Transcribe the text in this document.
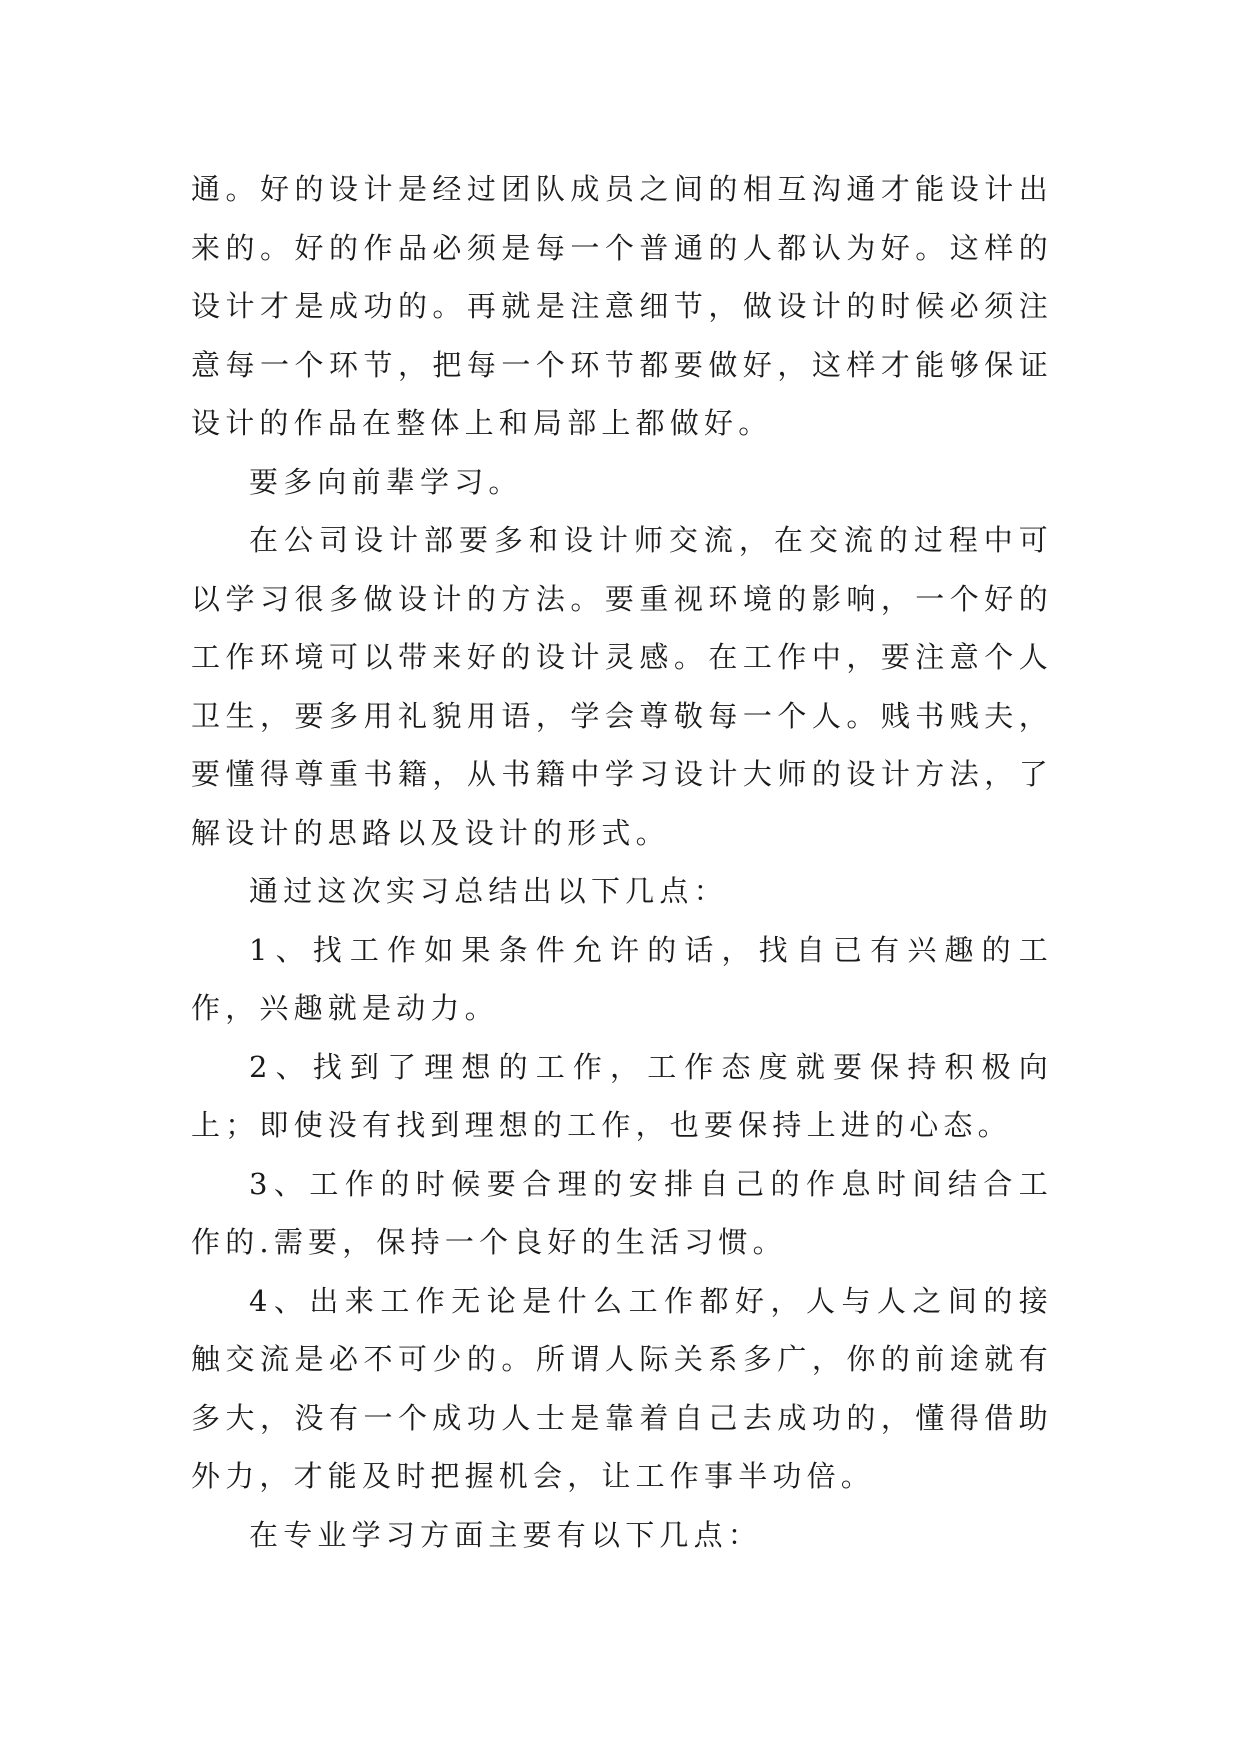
通。好的设计是经过团队成员之间的相互沟通才能设计出来的。好的作品必须是每一个普通的人都认为好。这样的设计才是成功的。再就是注意细节，做设计的时候必须注意每一个环节，把每一个环节都要做好，这样才能够保证设计的作品在整体上和局部上都做好。

要多向前辈学习。

在公司设计部要多和设计师交流，在交流的过程中可以学习很多做设计的方法。要重视环境的影响，一个好的工作环境可以带来好的设计灵感。在工作中，要注意个人卫生，要多用礼貌用语，学会尊敬每一个人。贱书贱夫，要懂得尊重书籍，从书籍中学习设计大师的设计方法，了解设计的思路以及设计的形式。

通过这次实习总结出以下几点：

1、找工作如果条件允许的话，找自已有兴趣的工作，兴趣就是动力。

2、找到了理想的工作，工作态度就要保持积极向上；即使没有找到理想的工作，也要保持上进的心态。

3、工作的时候要合理的安排自己的作息时间结合工作的.需要，保持一个良好的生活习惯。

4、出来工作无论是什么工作都好，人与人之间的接触交流是必不可少的。所谓人际关系多广，你的前途就有多大，没有一个成功人士是靠着自己去成功的，懂得借助外力，才能及时把握机会，让工作事半功倍。

在专业学习方面主要有以下几点：
